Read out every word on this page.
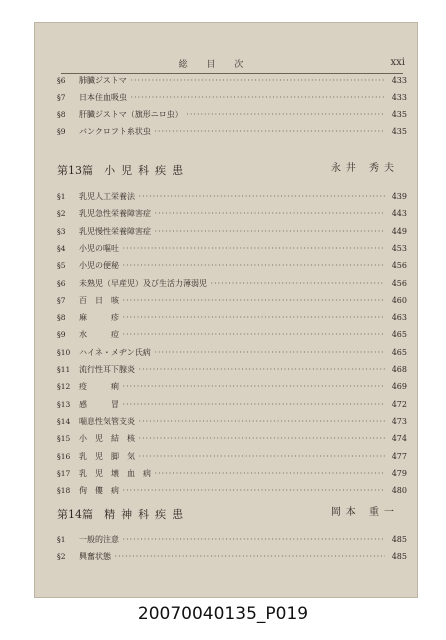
総 目 次	xxi
§6	肺臓ジストマ ·····	433
§7	日本住血吸虫 ·····	433
§8	肝臓ジストマ（旗形ニロ虫） ·····	435
§9	バンクロフト糸状虫 ·····	435
第13篇 小児科疾患	永井 秀夫
§1	乳児人工栄養法 ·····	439
§2	乳児急性栄養障害症 ·····	443
§3	乳児慢性栄養障害症 ·····	449
§4	小児の嘔吐 ·····	453
§5	小児の便秘 ·····	456
§6	未熟児（早産児）及び生活力薄弱児 ·····	456
§7	百　日　咳 ·····	460
§8	麻　　　疹 ·····	463
§9	水　　　痘 ·····	465
§10	ハイネ・メヂン氏病 ·····	465
§11	流行性耳下腺炎 ·····	468
§12	疫　　　痢 ·····	469
§13	感　　　冒 ·····	472
§14	喘息性気管支炎 ·····	473
§15	小　児　結　核 ·····	474
§16	乳　児　脚　気 ·····	477
§17	乳　児　壊　血　病 ·····	479
§18	佝　僂　病 ·····	480
第14篇 精神科疾患	岡本 重一
§1	一般的注意 ·····	485
§2	興奮状態 ·····	485
20070040135_P019
